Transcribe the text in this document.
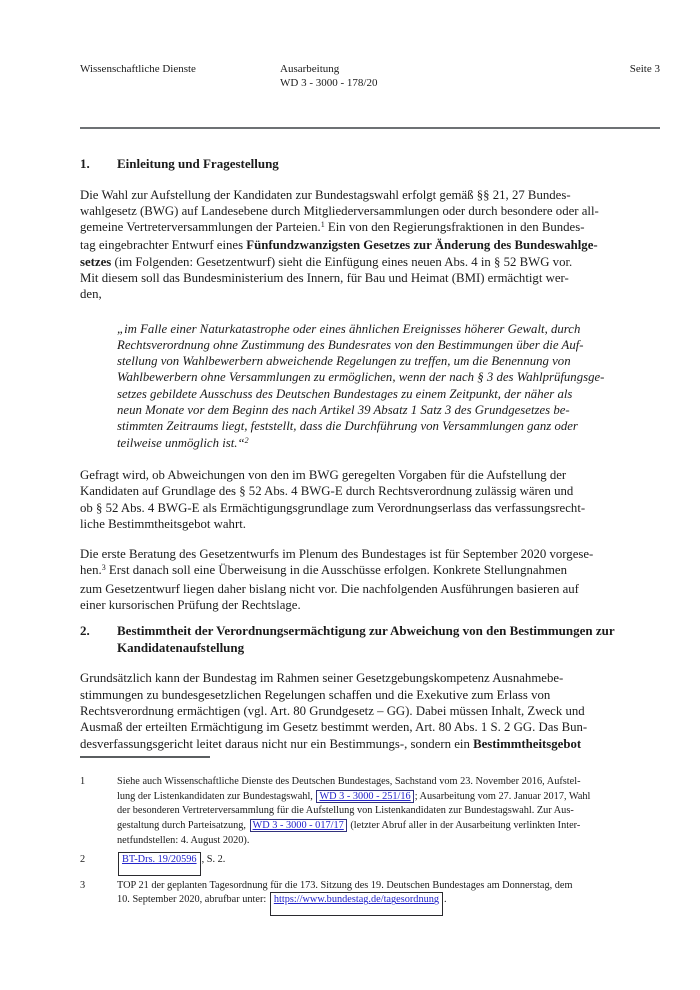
Wissenschaftliche Dienste	Ausarbeitung
WD 3 - 3000 - 178/20
Seite 3
1.	Einleitung und Fragestellung
Die Wahl zur Aufstellung der Kandidaten zur Bundestagswahl erfolgt gemäß §§ 21, 27 Bundes-
wahlgesetz (BWG) auf Landesebene durch Mitgliederversammlungen oder durch besondere oder all-
gemeine Vertreterversammlungen der Parteien.$^1$ Ein von den Regierungsfraktionen in den Bundes-
tag eingebrachter Entwurf eines Fünfundzwanzigsten Gesetzes zur Änderung des Bundeswahlge-
setzes (im Folgenden: Gesetzentwurf) sieht die Einfügung eines neuen Abs. 4 in § 52 BWG vor.
Mit diesem soll das Bundesministerium des Innern, für Bau und Heimat (BMI) ermächtigt wer-
den,
„im Falle einer Naturkatastrophe oder eines ähnlichen Ereignisses höherer Gewalt, durch
Rechtsverordnung ohne Zustimmung des Bundesrates von den Bestimmungen über die Auf-
stellung von Wahlbewerbern abweichende Regelungen zu treffen, um die Benennung von
Wahlbewerbern ohne Versammlungen zu ermöglichen, wenn der nach § 3 des Wahlprüfungsge-
setzes gebildete Ausschuss des Deutschen Bundestages zu einem Zeitpunkt, der näher als
neun Monate vor dem Beginn des nach Artikel 39 Absatz 1 Satz 3 des Grundgesetzes be-
stimmten Zeitraums liegt, feststellt, dass die Durchführung von Versammlungen ganz oder
teilweise unmöglich ist.“$^2$
Gefragt wird, ob Abweichungen von den im BWG geregelten Vorgaben für die Aufstellung der
Kandidaten auf Grundlage des § 52 Abs. 4 BWG-E durch Rechtsverordnung zulässig wären und
ob § 52 Abs. 4 BWG-E als Ermächtigungsgrundlage zum Verordnungserlass das verfassungsrecht-
liche Bestimmtheitsgebot wahrt.
Die erste Beratung des Gesetzentwurfs im Plenum des Bundestages ist für September 2020 vorgese-
hen.$^3$ Erst danach soll eine Überweisung in die Ausschüsse erfolgen. Konkrete Stellungnahmen
zum Gesetzentwurf liegen daher bislang nicht vor. Die nachfolgenden Ausführungen basieren auf
einer kursorischen Prüfung der Rechtslage.
2.	Bestimmtheit der Verordnungsermächtigung zur Abweichung von den Bestimmungen zur
Kandidatenaufstellung
Grundsätzlich kann der Bundestag im Rahmen seiner Gesetzgebungskompetenz Ausnahmebe-
stimmungen zu bundesgesetzlichen Regelungen schaffen und die Exekutive zum Erlass von
Rechtsverordnung ermächtigen (vgl. Art. 80 Grundgesetz – GG). Dabei müssen Inhalt, Zweck und
Ausmaß der erteilten Ermächtigung im Gesetz bestimmt werden, Art. 80 Abs. 1 S. 2 GG. Das Bun-
desverfassungsgericht leitet daraus nicht nur ein Bestimmungs-, sondern ein Bestimmtheitsgebot
1	Siehe auch Wissenschaftliche Dienste des Deutschen Bundestages, Sachstand vom 23. November 2016, Aufstel-
lung der Listenkandidaten zur Bundestagswahl, WD 3 - 3000 - 251/16 ; Ausarbeitung vom 27. Januar 2017, Wahl
der besonderen Vertreterversammlung für die Aufstellung von Listenkandidaten zur Bundestagswahl. Zur Aus-
gestaltung durch Parteisatzung, WD 3 - 3000 - 017/17 (letzter Abruf aller in der Ausarbeitung verlinkten Inter-
netfundstellen: 4. August 2020).
2	BT-Drs. 19/20596 , S. 2.
3	TOP 21 der geplanten Tagesordnung für die 173. Sitzung des 19. Deutschen Bundestages am Donnerstag, dem
10. September 2020, abrufbar unter: https://www.bundestag.de/tagesordnung .
